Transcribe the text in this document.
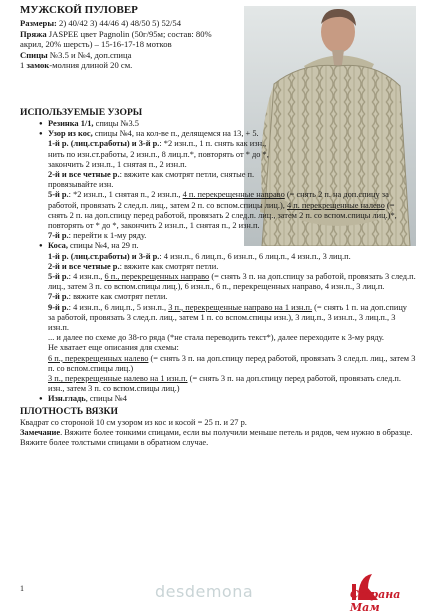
МУЖСКОЙ ПУЛОВЕР

Размеры: 2) 40/42 3) 44/46 4) 48/50 5) 52/54

Пряжа JASPEE цвет Pagnolin (50г/95м; состав: 80% акрил, 20% шерсть) – 15-16-17-18 мотков

Спицы №3.5 и №4, доп.спица

1 замок-молния длиной 20 см.

ИСПОЛЬЗУЕМЫЕ УЗОРЫ

● Резинка 1/1, спицы №3.5

● Узор из кос, спицы №4, на кол-ве п., делящемся на 13, + 5.

1-й р. (лиц.ст.работы) и 3-й р.: *2 изн.п., 1 п. снять как изн., нить по изн.ст.работы, 2 изн.п., 8 лиц.п.*, повторять от * до *, закончить 2 изн.п., 1 снятая п., 2 изн.п.

2-й и все четные р.: вяжите как смотрят петли, снятые п. провязывайте изн.

5-й р.: *2 изн.п., 1 снятая п., 2 изн.п., 4 п. перекрещенные направо (= снять 2 п. на доп.спицу за работой, провязать 2 след.п. лиц., затем 2 п. со вспом.спицы лиц.), 4 п. перекрещенные налево (= снять 2 п. на доп.спицу перед работой, провязать 2 след.п. лиц., затем 2 п. со вспом.спицы лиц.)*, повторять от * до *, закончить 2 изн.п., 1 снятая п., 2 изн.п.

7-й р.: перейти к 1-му ряду.

● Коса, спицы №4, на 29 п.

1-й р. (лиц.ст.работы) и 3-й р.: 4 изн.п., 6 лиц.п., 6 изн.п., 6 лиц.п., 4 изн.п., 3 лиц.п.

2-й и все четные р.: вяжите как смотрят петли.

5-й р.: 4 изн.п., 6 п., перекрещенных направо (= снять 3 п. на доп.спицу за работой, провязать 3 след.п. лиц., затем 3 п. со вспом.спицы лиц.), 6 изн.п., 6 п., перекрещенных направо, 4 изн.п., 3 лиц.п.

7-й р.: вяжите как смотрят петли.

9-й р.: 4 изн.п., 6 лиц.п., 5 изн.п., 3 п., перекрещенные направо на 1 изн.п. (= снять 1 п. на доп.спицу за работой, провязать 3 след.п. лиц., затем 1 п. со вспом.спицы изн.), 3 лиц.п., 3 изн.п., 3 лиц.п., 3 изн.п.

... и далее по схеме до 38-го ряда (*не стала переводить текст*), далее переходите к 3-му ряду.

Не хватает еще описания для схемы:

6 п., перекрещенных налево (= снять 3 п. на доп.спицу перед работой, провязать 3 след.п. лиц., затем 3 п. со вспом.спицы лиц.)

3 п., перекрещенные налево на 1 изн.п. (= снять 3 п. на доп.спицу перед работой, провязать след.п. изн., затем 3 п. со вспом.спицы лиц.)

● Изн.гладь, спицы №4

ПЛОТНОСТЬ ВЯЗКИ

Квадрат со стороной 10 см узором из кос и косой = 25 п. и 27 р.

Замечание. Вяжите более тонкими спицами, если вы получили меньше петель и рядов, чем нужно в образце. Вяжите более толстыми спицами в обратном случае.

1	desdemona	Страна Мам
